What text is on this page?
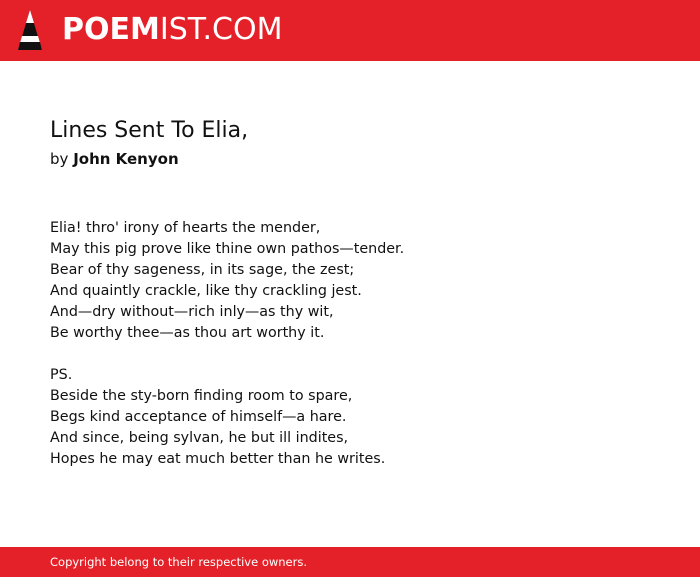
POEMIST.COM
Lines Sent To Elia,
by John Kenyon
Elia! thro' irony of hearts the mender,
May this pig prove like thine own pathos—tender.
Bear of thy sageness, in its sage, the zest;
And quaintly crackle, like thy crackling jest.
And—dry without—rich inly—as thy wit,
Be worthy thee—as thou art worthy it.
PS.
Beside the sty-born finding room to spare,
Begs kind acceptance of himself—a hare.
And since, being sylvan, he but ill indites,
Hopes he may eat much better than he writes.
Copyright belong to their respective owners.
